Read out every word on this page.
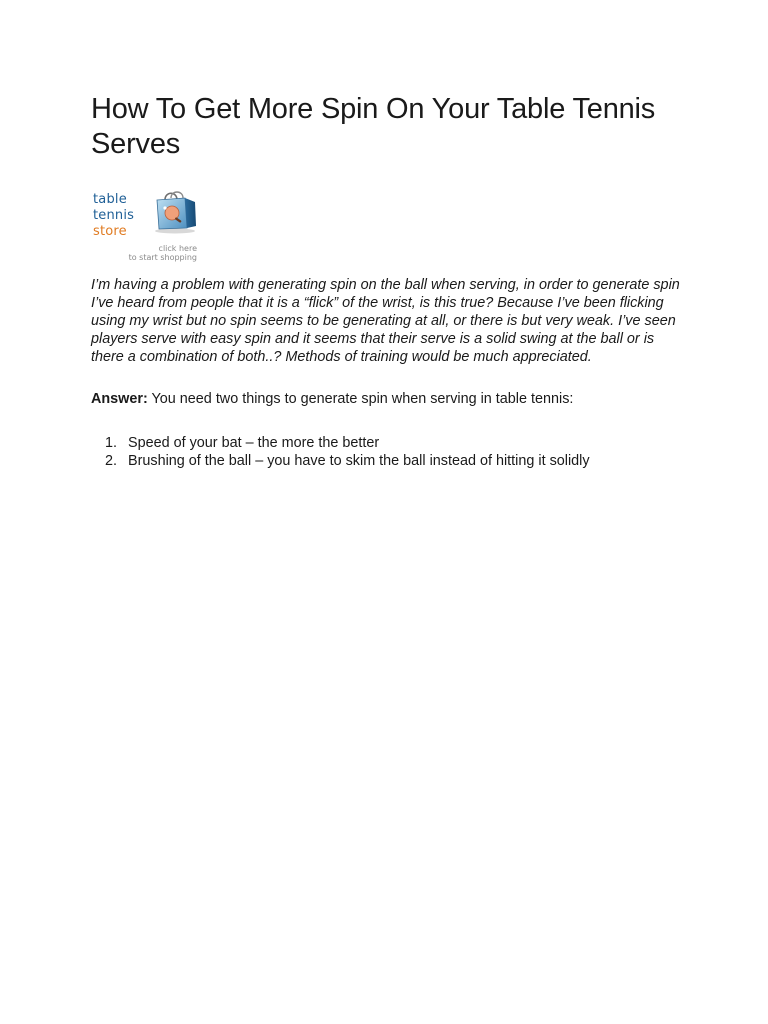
How To Get More Spin On Your Table Tennis Serves
table
tennis
store
click here
to start shopping

I’m having a problem with generating spin on the ball when serving, in order to generate spin I’ve heard from people that it is a “flick” of the wrist, is this true? Because I’ve been flicking using my wrist but no spin seems to be generating at all, or there is but very weak. I’ve seen players serve with easy spin and it seems that their serve is a solid swing at the ball or is there a combination of both..? Methods of training would be much appreciated.

Answer: You need two things to generate spin when serving in table tennis:

1. Speed of your bat – the more the better
2. Brushing of the ball – you have to skim the ball instead of hitting it solidly
